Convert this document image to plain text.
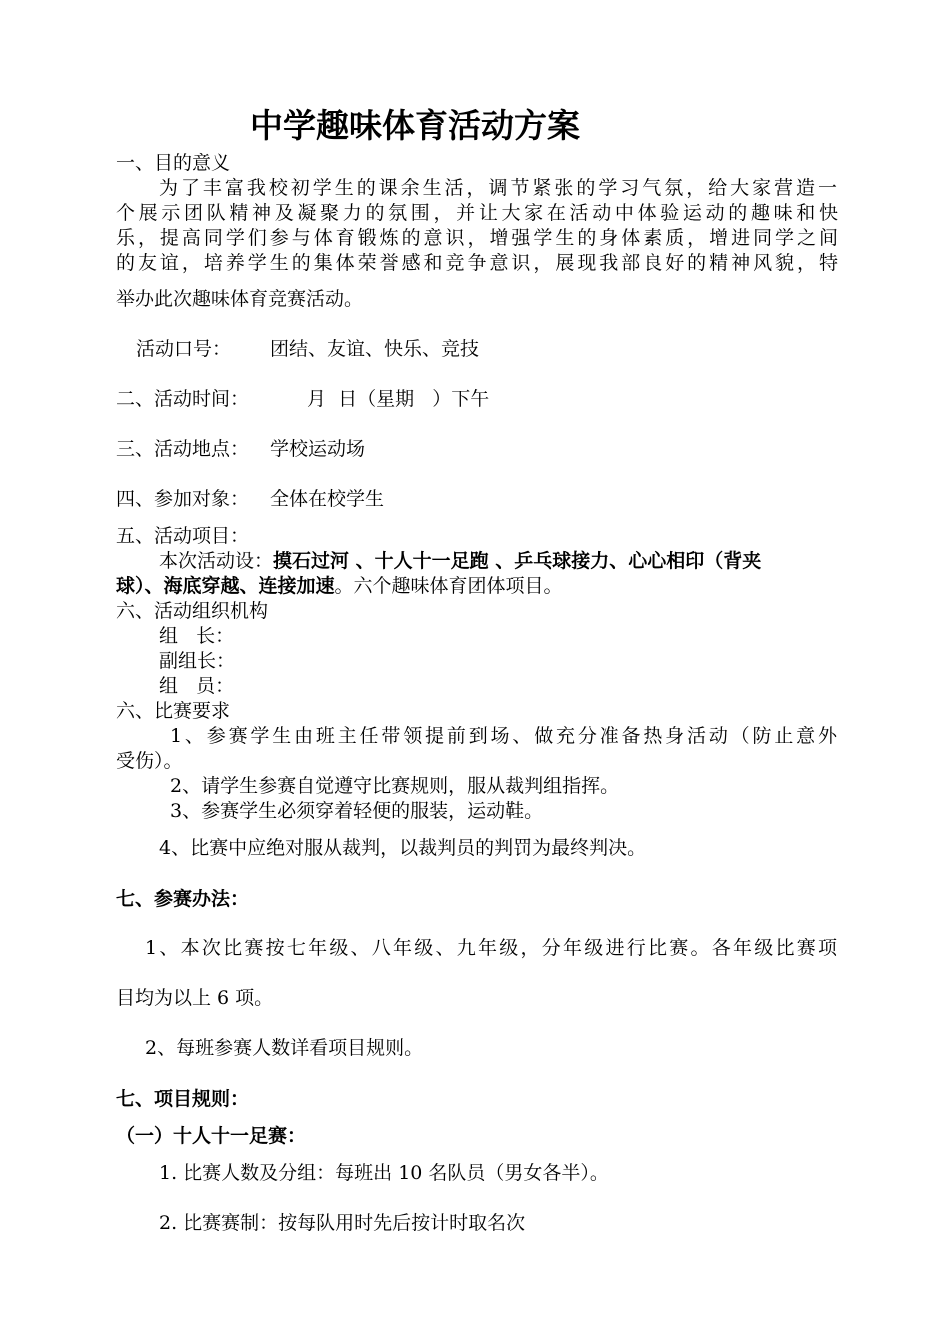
中学趣味体育活动方案
一、目的意义
为了丰富我校初学生的课余生活，调节紧张的学习气氛，给大家营造一
个展示团队精神及凝聚力的氛围，并让大家在活动中体验运动的趣味和快
乐，提高同学们参与体育锻炼的意识，增强学生的身体素质，增进同学之间
的友谊，培养学生的集体荣誉感和竞争意识，展现我部良好的精神风貌，特
举办此次趣味体育竞赛活动。
活动口号： 团结、友谊、快乐、竞技
二、活动时间：	月  日（星期   ）下午
三、活动地点： 学校运动场
四、参加对象： 全体在校学生
五、活动项目：
本次活动设：摸石过河 、十人十一足跑 、乒乓球接力、心心相印（背夹
球）、海底穿越、连接加速。六个趣味体育团体项目。
六、活动组织机构
组   长：
副组长：
组   员：
六、比赛要求
1、参赛学生由班主任带领提前到场、做充分准备热身活动（防止意外
受伤）。
2、请学生参赛自觉遵守比赛规则，服从裁判组指挥。
3、参赛学生必须穿着轻便的服装，运动鞋。
4、比赛中应绝对服从裁判，以裁判员的判罚为最终判决。
七、参赛办法：
1、本次比赛按七年级、八年级、九年级，分年级进行比赛。各年级比赛项
目均为以上 6 项。
2、每班参赛人数详看项目规则。
七、项目规则：
（一）十人十一足赛：
1. 比赛人数及分组：每班出 10 名队员（男女各半）。
2. 比赛赛制：按每队用时先后按计时取名次
